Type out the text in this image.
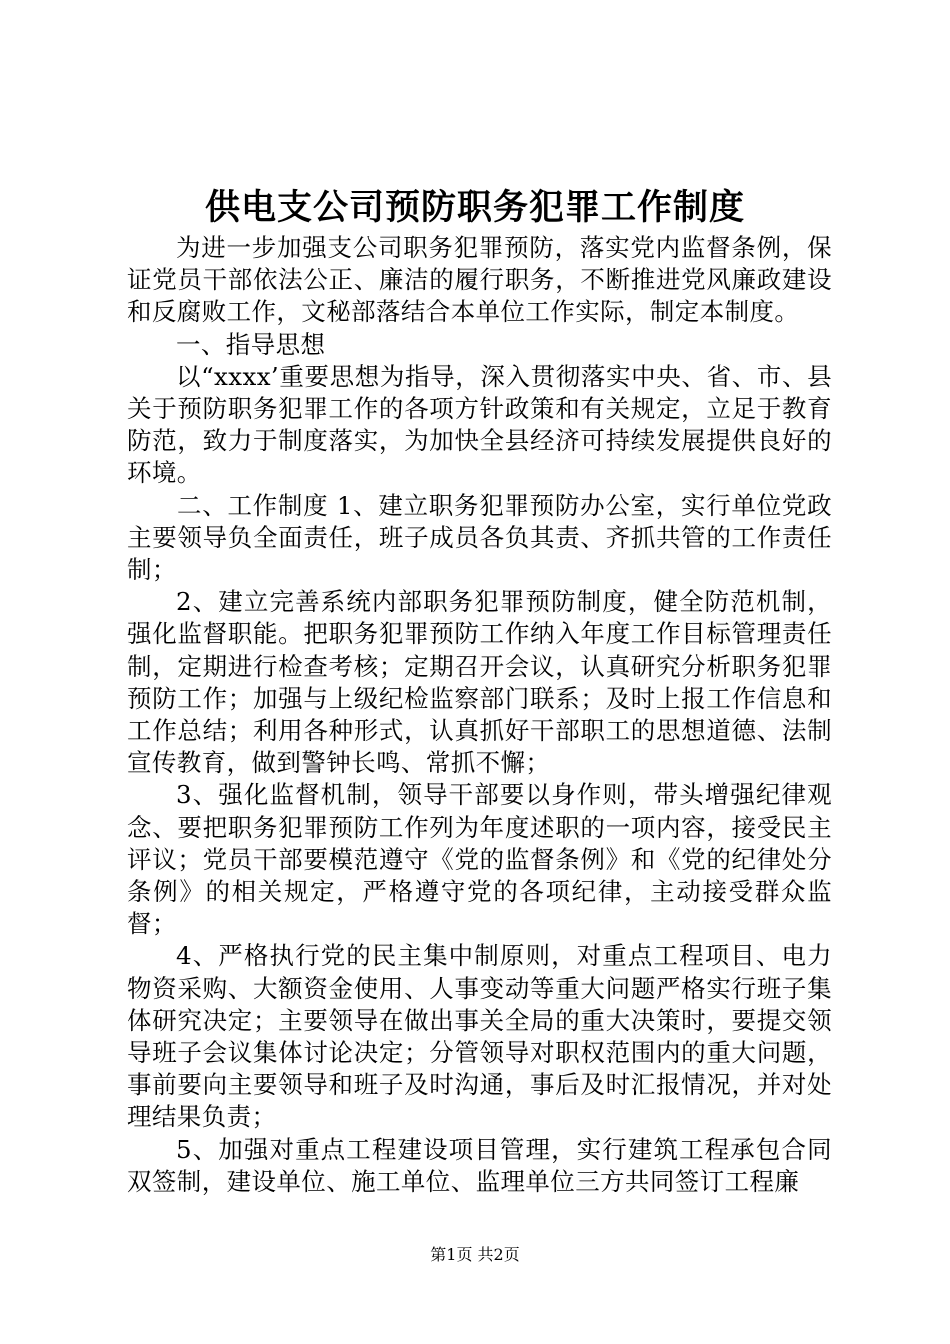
供电支公司预防职务犯罪工作制度

为进一步加强支公司职务犯罪预防，落实党内监督条例，保证党员干部依法公正、廉洁的履行职务，不断推进党风廉政建设和反腐败工作，文秘部落结合本单位工作实际，制定本制度。

一、指导思想

以“xxxx’重要思想为指导，深入贯彻落实中央、省、市、县关于预防职务犯罪工作的各项方针政策和有关规定，立足于教育防范，致力于制度落实，为加快全县经济可持续发展提供良好的环境。

二、工作制度 1、建立职务犯罪预防办公室，实行单位党政主要领导负全面责任，班子成员各负其责、齐抓共管的工作责任制；

2、建立完善系统内部职务犯罪预防制度，健全防范机制，强化监督职能。把职务犯罪预防工作纳入年度工作目标管理责任制，定期进行检查考核；定期召开会议，认真研究分析职务犯罪预防工作；加强与上级纪检监察部门联系；及时上报工作信息和工作总结；利用各种形式，认真抓好干部职工的思想道德、法制宣传教育，做到警钟长鸣、常抓不懈；

3、强化监督机制，领导干部要以身作则，带头增强纪律观念、要把职务犯罪预防工作列为年度述职的一项内容，接受民主评议；党员干部要模范遵守《党的监督条例》和《党的纪律处分条例》的相关规定，严格遵守党的各项纪律，主动接受群众监督；

4、严格执行党的民主集中制原则，对重点工程项目、电力物资采购、大额资金使用、人事变动等重大问题严格实行班子集体研究决定；主要领导在做出事关全局的重大决策时，要提交领导班子会议集体讨论决定；分管领导对职权范围内的重大问题，事前要向主要领导和班子及时沟通，事后及时汇报情况，并对处理结果负责；

5、加强对重点工程建设项目管理，实行建筑工程承包合同双签制，建设单位、施工单位、监理单位三方共同签订工程廉

第1页 共2页
